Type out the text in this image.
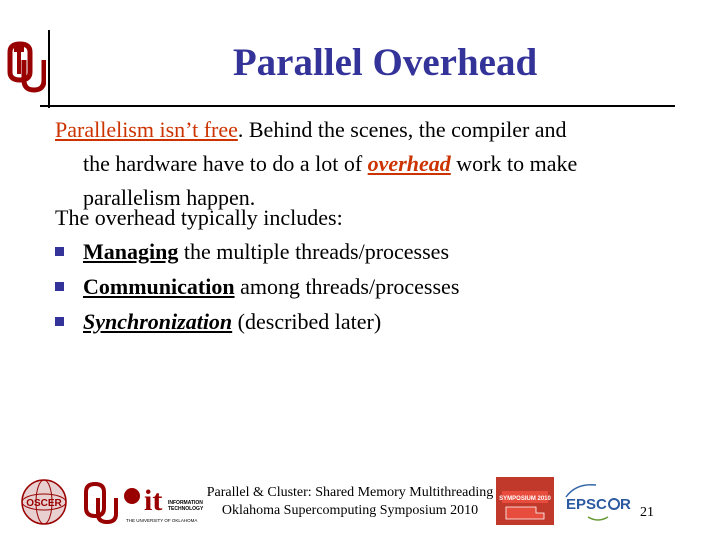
Parallel Overhead
Parallelism isn’t free. Behind the scenes, the compiler and
the hardware have to do a lot of overhead work to make
parallelism happen.
The overhead typically includes:
Managing the multiple threads/processes
Communication among threads/processes
Synchronization (described later)
OSCER	it INFORMATION
TECHNOLOGY
THE UNIVERSITY OF OKLAHOMA
Parallel & Cluster: Shared Memory Multithreading
Oklahoma Supercomputing Symposium 2010
SYMPOSIUM 2010 EPSC R 21
